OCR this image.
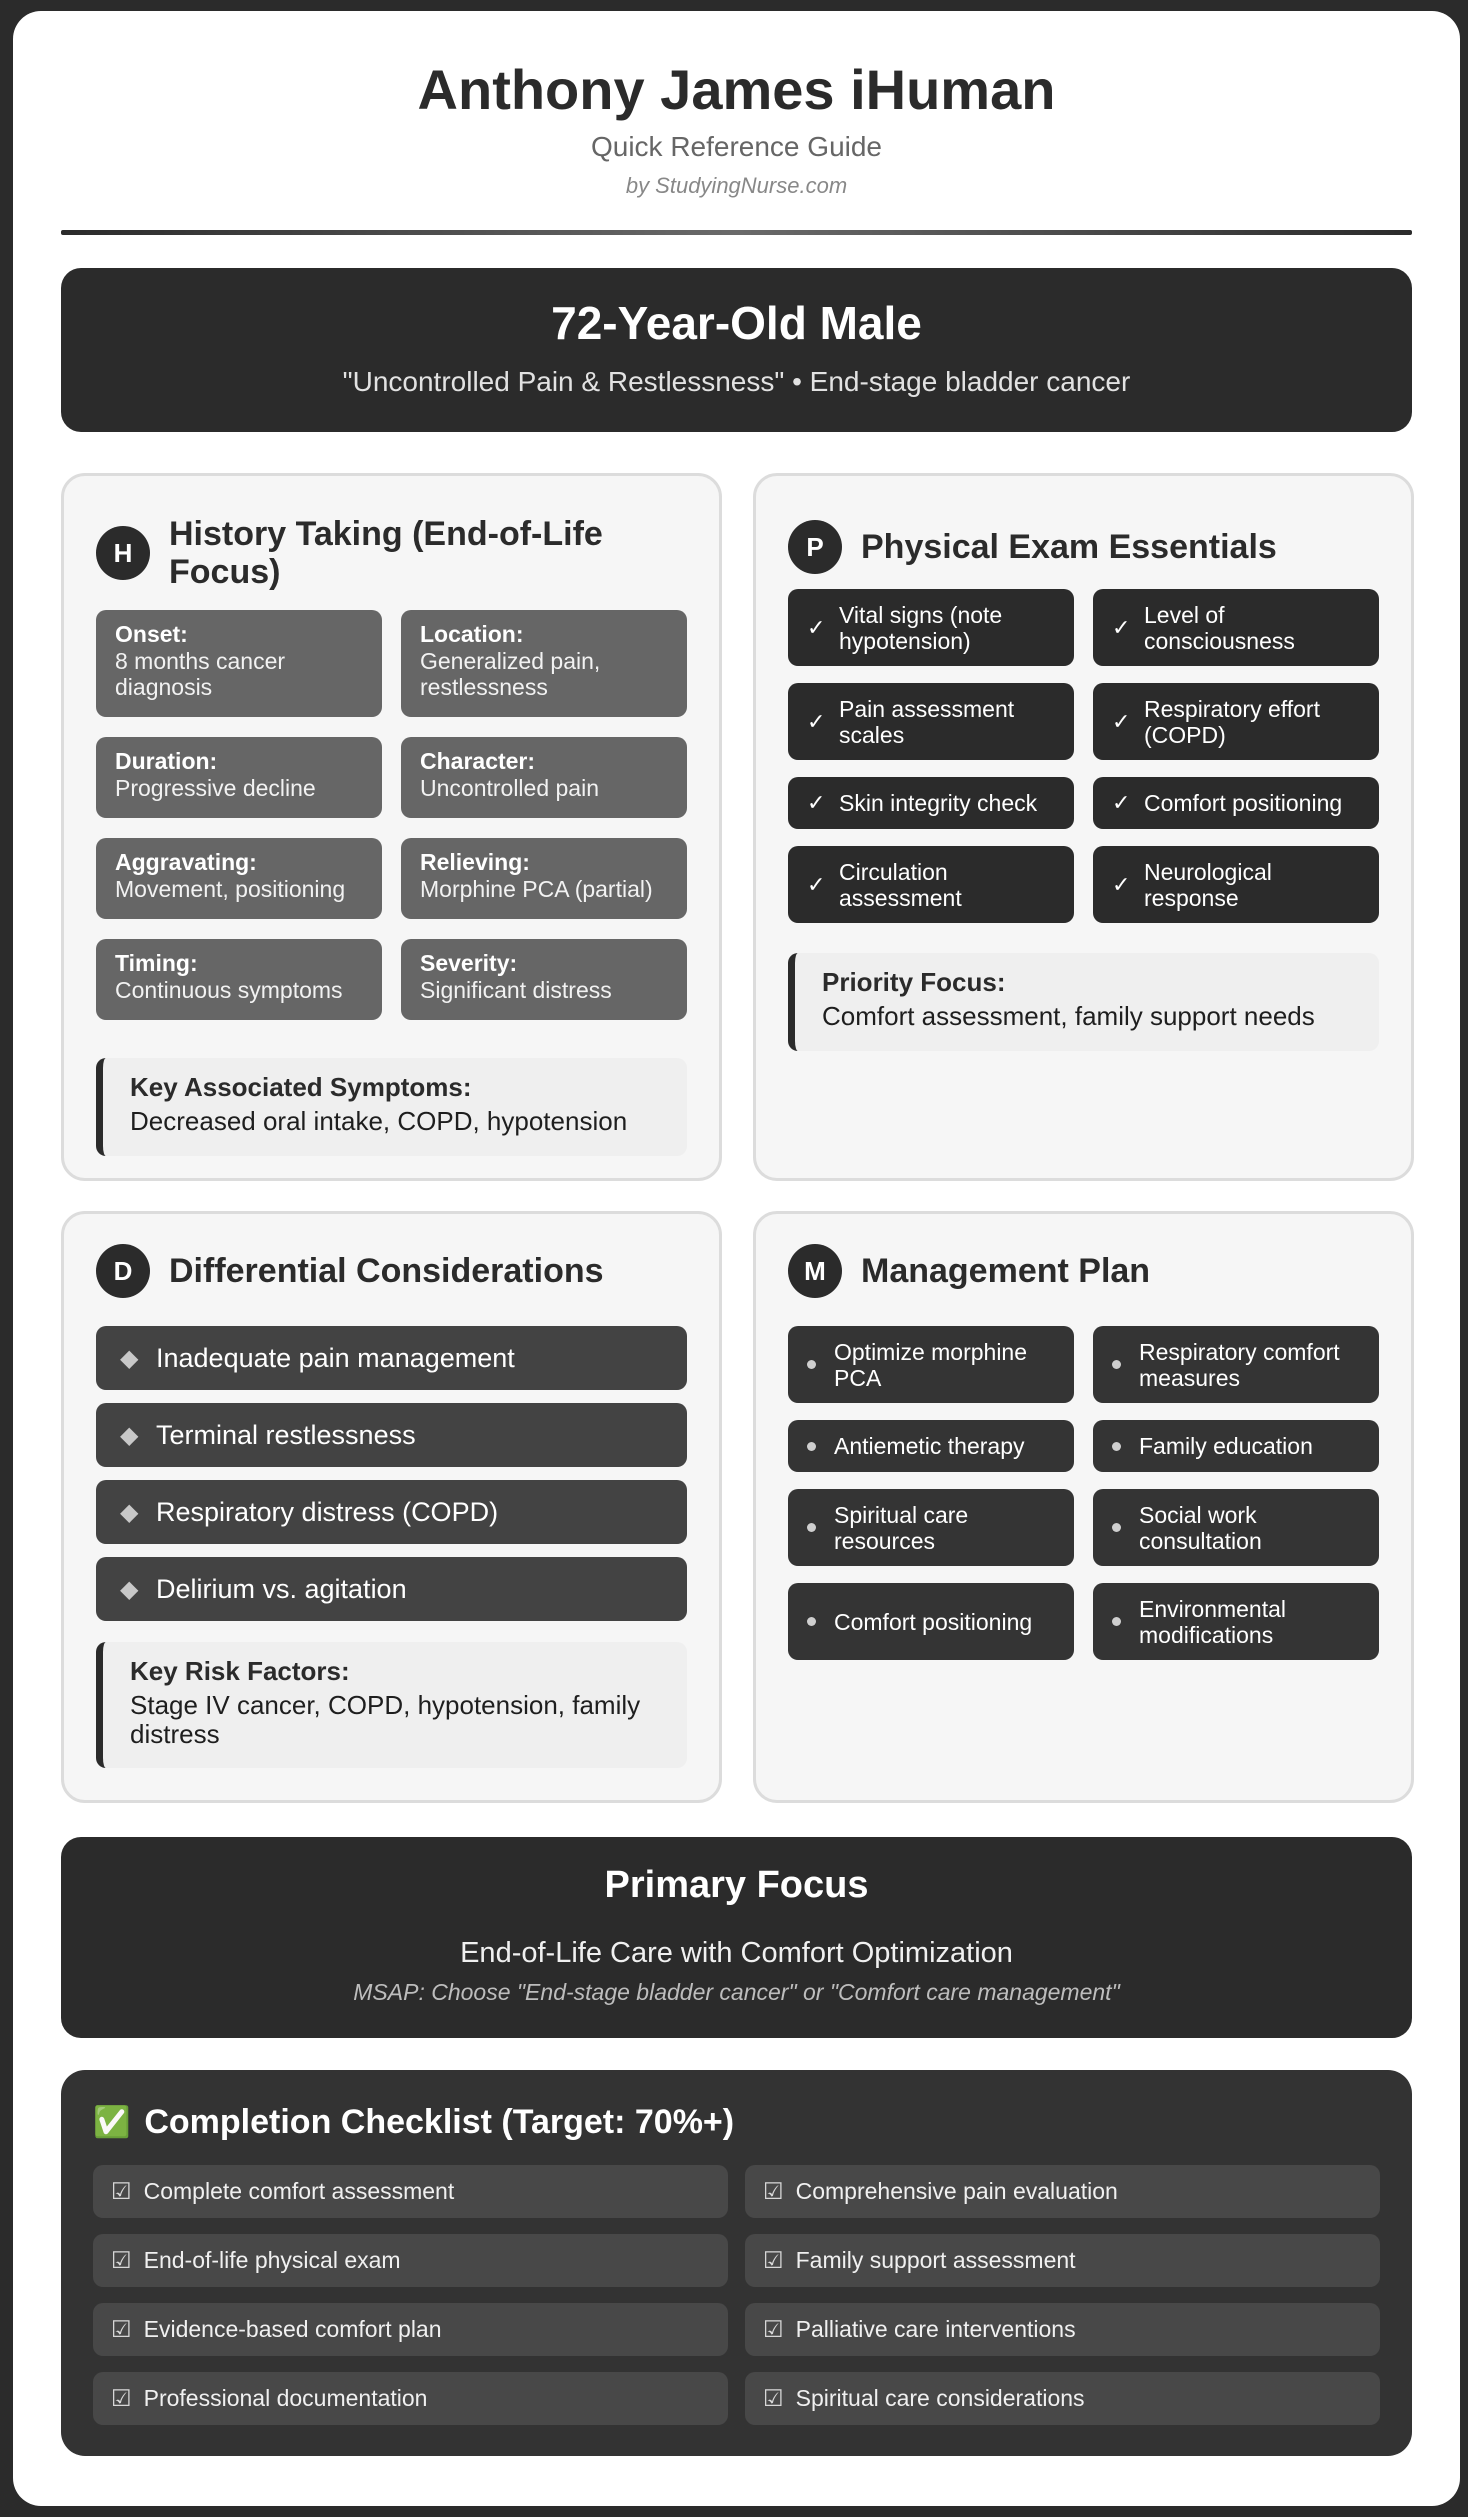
Anthony James iHuman
Quick Reference Guide
by StudyingNurse.com
72-Year-Old Male
"Uncontrolled Pain & Restlessness" • End-stage bladder cancer
H	History Taking (End-of-Life Focus)
Onset:
8 months cancer diagnosis
Location:
Generalized pain, restlessness
Duration:
Progressive decline
Character:
Uncontrolled pain
Aggravating:
Movement, positioning
Relieving:
Morphine PCA (partial)
Timing:
Continuous symptoms
Severity:
Significant distress
Key Associated Symptoms:
Decreased oral intake, COPD, hypotension
P	Physical Exam Essentials
✓ Vital signs (note hypotension)
✓ Level of consciousness
✓ Pain assessment scales
✓ Respiratory effort (COPD)
✓ Skin integrity check	✓ Comfort positioning
✓ Circulation assessment
✓ Neurological response
Priority Focus:
Comfort assessment, family support needs
D	Differential Considerations
◆ Inadequate pain management
◆ Terminal restlessness
◆ Respiratory distress (COPD)
◆ Delirium vs. agitation
Key Risk Factors:
Stage IV cancer, COPD, hypotension, family distress
M	Management Plan
Optimize morphine PCA
Respiratory comfort measures
Antiemetic therapy	Family education
Spiritual care resources
Social work consultation
Comfort positioning	Environmental modifications
Primary Focus
End-of-Life Care with Comfort Optimization
MSAP: Choose "End-stage bladder cancer" or "Comfort care management"
✅ Completion Checklist (Target: 70%+)
☑ Complete comfort assessment	☑ Comprehensive pain evaluation
☑ End-of-life physical exam	☑ Family support assessment
☑ Evidence-based comfort plan	☑ Palliative care interventions
☑ Professional documentation	☑ Spiritual care considerations
